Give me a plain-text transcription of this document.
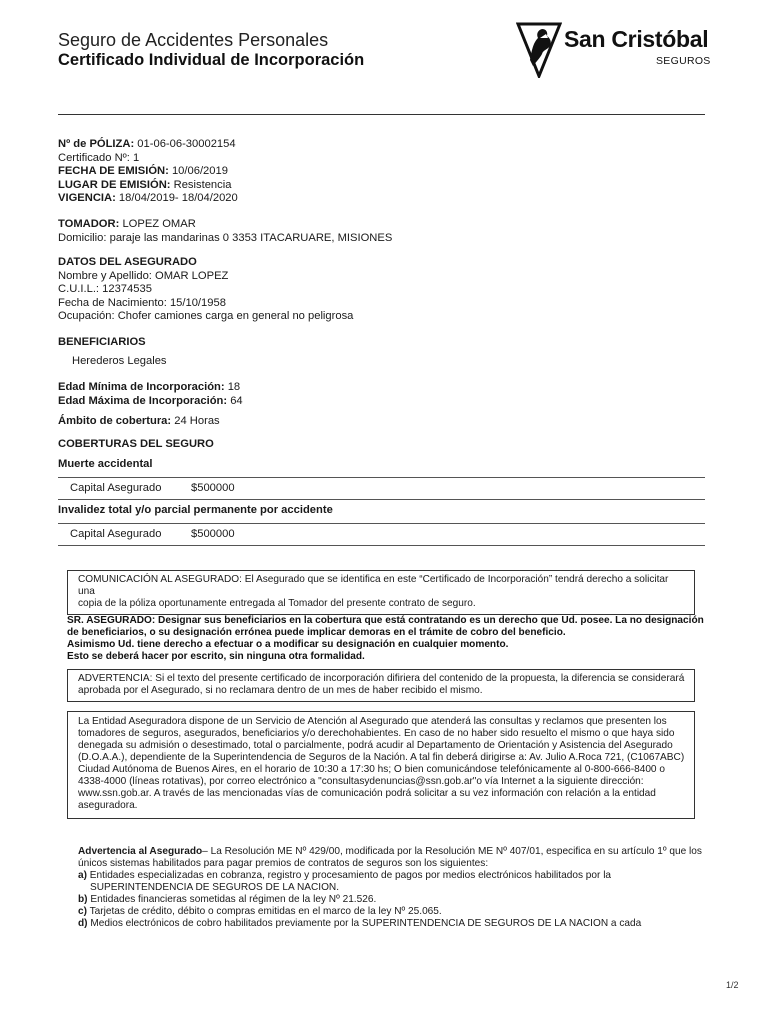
Seguro de Accidentes Personales
Certificado Individual de Incorporación
San Cristóbal
SEGUROS
Nº de PÓLIZA: 01-06-06-30002154
Certificado Nº: 1
FECHA DE EMISIÓN: 10/06/2019
LUGAR DE EMISIÓN: Resistencia
VIGENCIA: 18/04/2019- 18/04/2020
TOMADOR: LOPEZ OMAR
Domicilio: paraje las mandarinas 0 3353 ITACARUARE, MISIONES
DATOS DEL ASEGURADO
Nombre y Apellido: OMAR LOPEZ
C.U.I.L.: 12374535
Fecha de Nacimiento: 15/10/1958
Ocupación: Chofer camiones carga en general no peligrosa
BENEFICIARIOS
Herederos Legales
Edad Mínima de Incorporación: 18
Edad Máxima de Incorporación: 64
Ámbito de cobertura: 24 Horas
COBERTURAS DEL SEGURO
Muerte accidental
Capital Asegurado	$500000
Invalidez total y/o parcial permanente por accidente
Capital Asegurado	$500000
COMUNICACIÓN AL ASEGURADO: El Asegurado que se identifica en este “Certificado de Incorporación” tendrá derecho a solicitar una
copia de la póliza oportunamente entregada al Tomador del presente contrato de seguro.
SR. ASEGURADO: Designar sus beneficiarios en la cobertura que está contratando es un derecho que Ud. posee. La no designación
de beneficiarios, o su designación errónea puede implicar demoras en el trámite de cobro del beneficio.
Asimismo Ud. tiene derecho a efectuar o a modificar su designación en cualquier momento.
Esto se deberá hacer por escrito, sin ninguna otra formalidad.
ADVERTENCIA: Si el texto del presente certificado de incorporación difiriera del contenido de la propuesta, la diferencia se considerará
aprobada por el Asegurado, si no reclamara dentro de un mes de haber recibido el mismo.
La Entidad Aseguradora dispone de un Servicio de Atención al Asegurado que atenderá las consultas y reclamos que presenten los
tomadores de seguros, asegurados, beneficiarios y/o derechohabientes. En caso de no haber sido resuelto el mismo o que haya sido
denegada su admisión o desestimado, total o parcialmente, podrá acudir al Departamento de Orientación y Asistencia del Asegurado
(D.O.A.A.), dependiente de la Superintendencia de Seguros de la Nación. A tal fin deberá dirigirse a: Av. Julio A.Roca 721, (C1067ABC)
Ciudad Autónoma de Buenos Aires, en el horario de 10:30 a 17:30 hs; O bien comunicándose telefónicamente al 0-800-666-8400 o
4338-4000 (líneas rotativas), por correo electrónico a "consultasydenuncias@ssn.gob.ar"o vía Internet a la siguiente dirección:
www.ssn.gob.ar. A través de las mencionadas vías de comunicación podrá solicitar a su vez información con relación a la entidad
aseguradora.
Advertencia al Asegurado– La Resolución ME Nº 429/00, modificada por la Resolución ME Nº 407/01, especifica en su artículo 1º que los
únicos sistemas habilitados para pagar premios de contratos de seguros son los siguientes:
a) Entidades especializadas en cobranza, registro y procesamiento de pagos por medios electrónicos habilitados por la
SUPERINTENDENCIA DE SEGUROS DE LA NACION.
b) Entidades financieras sometidas al régimen de la ley Nº 21.526.
c) Tarjetas de crédito, débito o compras emitidas en el marco de la ley Nº 25.065.
d) Medios electrónicos de cobro habilitados previamente por la SUPERINTENDENCIA DE SEGUROS DE LA NACION a cada
1/2
